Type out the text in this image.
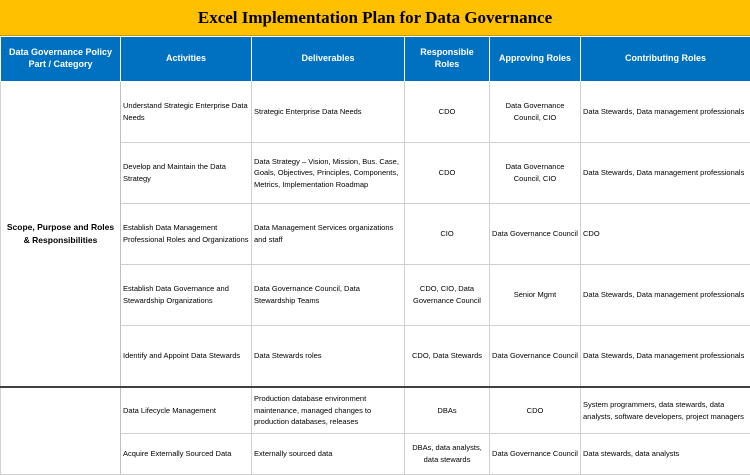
Excel Implementation Plan for Data Governance
Data Governance Policy Part / Category	Activities	Deliverables	Responsible Roles	Approving Roles	Contributing Roles
Scope, Purpose and Roles & Responsibilities	Understand Strategic Enterprise Data Needs	Strategic Enterprise Data Needs	CDO	Data Governance Council, CIO	Data Stewards, Data management professionals
	Develop and Maintain the Data Strategy	Data Strategy – Vision, Mission, Bus. Case, Goals, Objectives, Principles, Components, Metrics, Implementation Roadmap	CDO	Data Governance Council, CIO	Data Stewards, Data management professionals
	Establish Data Management Professional Roles and Organizations	Data Management Services organizations and staff	CIO	Data Governance Council	CDO
	Establish Data Governance and Stewardship Organizations	Data Governance Council, Data Stewardship Teams	CDO, CIO, Data Governance Council	Senior Mgmt	Data Stewards, Data management professionals
	Identify and Appoint Data Stewards	Data Stewards roles	CDO, Data Stewards	Data Governance Council	Data Stewards, Data management professionals
	Data Lifecycle Management	Production database environment maintenance, managed changes to production databases, releases	DBAs	CDO	System programmers, data stewards, data analysts, software developers, project managers
	Acquire Externally Sourced Data	Externally sourced data	DBAs, data analysts, data stewards	Data Governance Council	Data stewards, data analysts
